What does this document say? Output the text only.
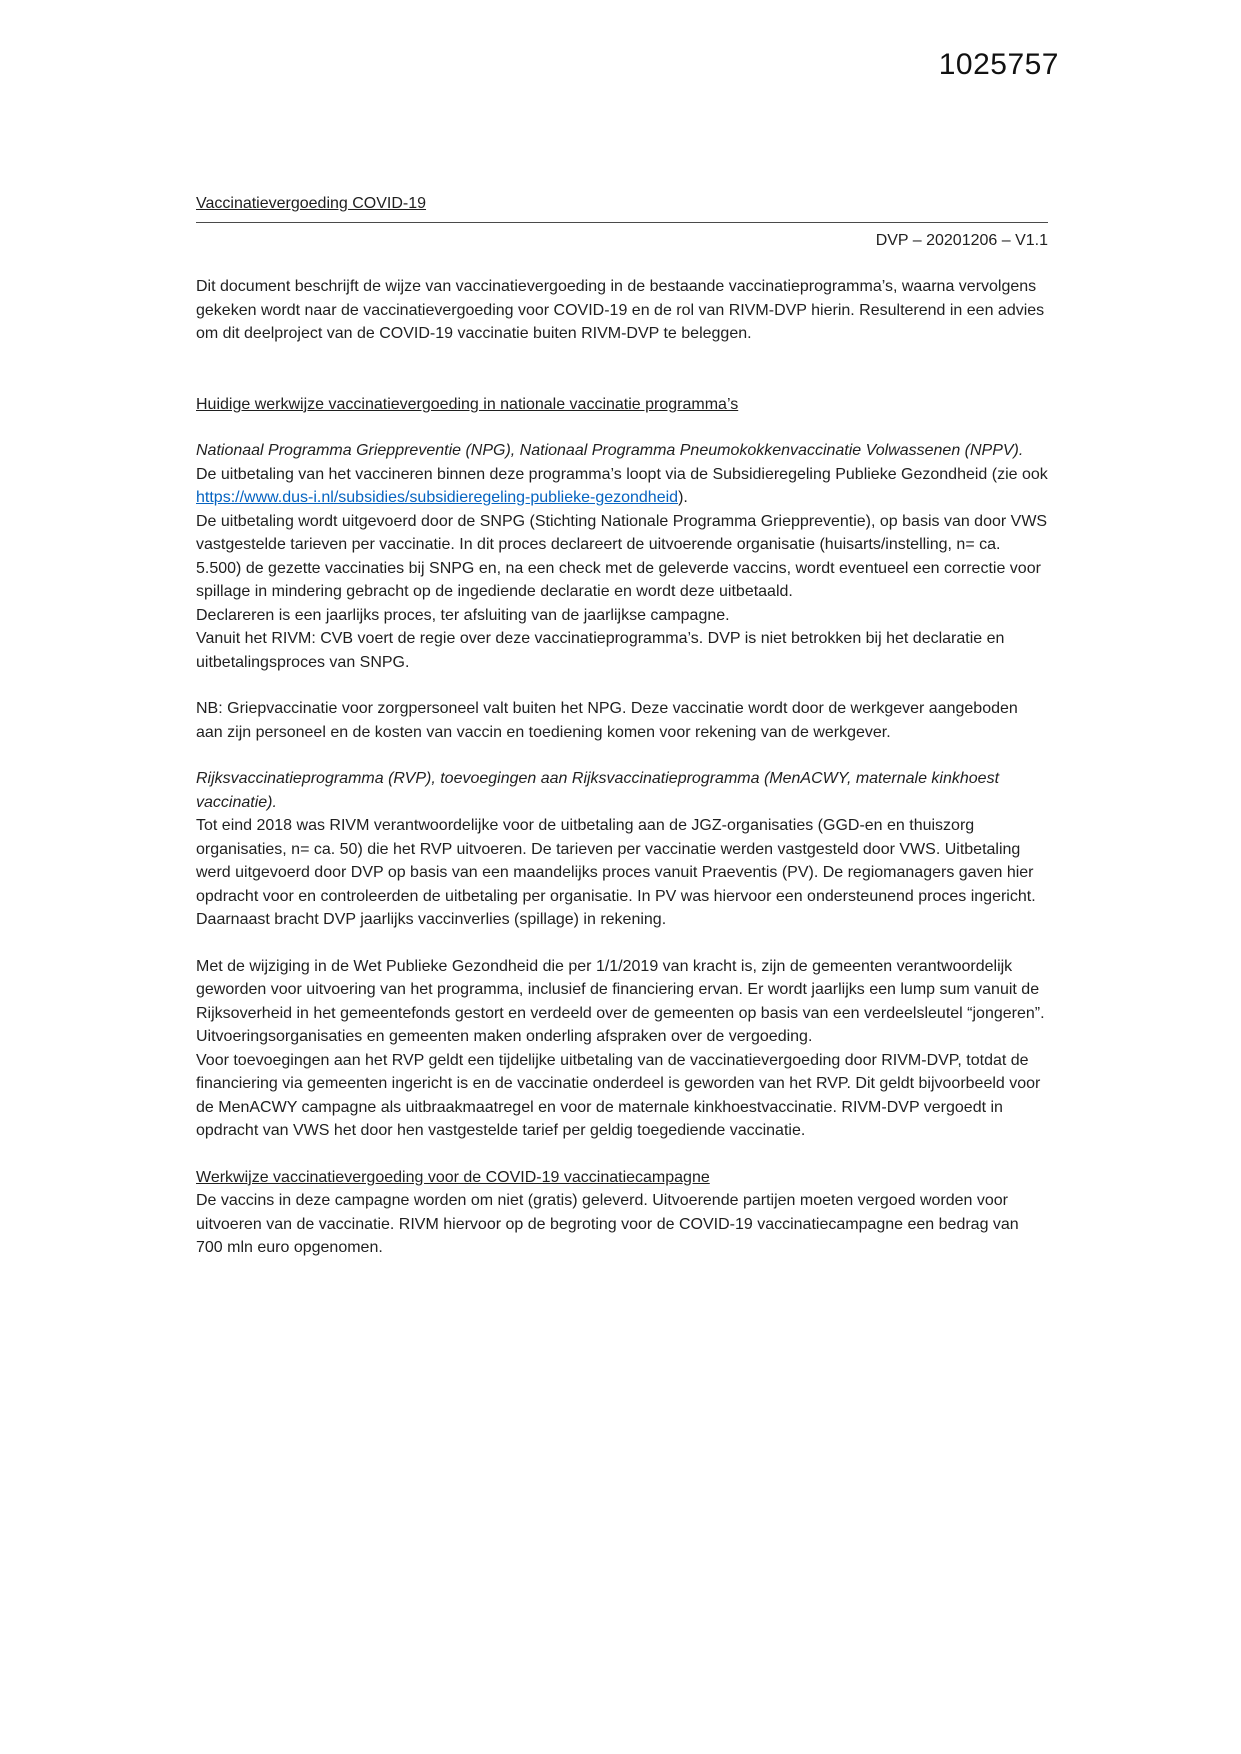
1025757
Vaccinatievergoeding COVID-19
DVP – 20201206 – V1.1

Dit document beschrijft de wijze van vaccinatievergoeding in de bestaande vaccinatieprogramma’s, waarna vervolgens gekeken wordt naar de vaccinatievergoeding voor COVID-19 en de rol van RIVM-DVP hierin. Resulterend in een advies om dit deelproject van de COVID-19 vaccinatie buiten RIVM-DVP te beleggen.

Huidige werkwijze vaccinatievergoeding in nationale vaccinatie programma’s

Nationaal Programma Grieppreventie (NPG), Nationaal Programma Pneumokokkenvaccinatie Volwassenen (NPPV).

De uitbetaling van het vaccineren binnen deze programma’s loopt via de Subsidieregeling Publieke Gezondheid (zie ook https://www.dus-i.nl/subsidies/subsidieregeling-publieke-gezondheid).

De uitbetaling wordt uitgevoerd door de SNPG (Stichting Nationale Programma Grieppreventie), op basis van door VWS vastgestelde tarieven per vaccinatie. In dit proces declareert de uitvoerende organisatie (huisarts/instelling, n= ca. 5.500) de gezette vaccinaties bij SNPG en, na een check met de geleverde vaccins, wordt eventueel een correctie voor spillage in mindering gebracht op de ingediende declaratie en wordt deze uitbetaald.

Declareren is een jaarlijks proces, ter afsluiting van de jaarlijkse campagne.

Vanuit het RIVM: CVB voert de regie over deze vaccinatieprogramma’s. DVP is niet betrokken bij het declaratie en uitbetalingsproces van SNPG.

NB: Griepvaccinatie voor zorgpersoneel valt buiten het NPG. Deze vaccinatie wordt door de werkgever aangeboden aan zijn personeel en de kosten van vaccin en toediening komen voor rekening van de werkgever.

Rijksvaccinatieprogramma (RVP), toevoegingen aan Rijksvaccinatieprogramma (MenACWY, maternale kinkhoest vaccinatie).

Tot eind 2018 was RIVM verantwoordelijke voor de uitbetaling aan de JGZ-organisaties (GGD-en en thuiszorg organisaties, n= ca. 50) die het RVP uitvoeren. De tarieven per vaccinatie werden vastgesteld door VWS. Uitbetaling werd uitgevoerd door DVP op basis van een maandelijks proces vanuit Praeventis (PV). De regiomanagers gaven hier opdracht voor en controleerden de uitbetaling per organisatie. In PV was hiervoor een ondersteunend proces ingericht. Daarnaast bracht DVP jaarlijks vaccinverlies (spillage) in rekening.

Met de wijziging in de Wet Publieke Gezondheid die per 1/1/2019 van kracht is, zijn de gemeenten verantwoordelijk geworden voor uitvoering van het programma, inclusief de financiering ervan. Er wordt jaarlijks een lump sum vanuit de Rijksoverheid in het gemeentefonds gestort en verdeeld over de gemeenten op basis van een verdeelsleutel “jongeren”. Uitvoeringsorganisaties en gemeenten maken onderling afspraken over de vergoeding.

Voor toevoegingen aan het RVP geldt een tijdelijke uitbetaling van de vaccinatievergoeding door RIVM-DVP, totdat de financiering via gemeenten ingericht is en de vaccinatie onderdeel is geworden van het RVP. Dit geldt bijvoorbeeld voor de MenACWY campagne als uitbraakmaatregel en voor de maternale kinkhoestvaccinatie. RIVM-DVP vergoedt in opdracht van VWS het door hen vastgestelde tarief per geldig toegediende vaccinatie.

Werkwijze vaccinatievergoeding voor de COVID-19 vaccinatiecampagne

De vaccins in deze campagne worden om niet (gratis) geleverd. Uitvoerende partijen moeten vergoed worden voor uitvoeren van de vaccinatie. RIVM hiervoor op de begroting voor de COVID-19 vaccinatiecampagne een bedrag van 700 mln euro opgenomen.
